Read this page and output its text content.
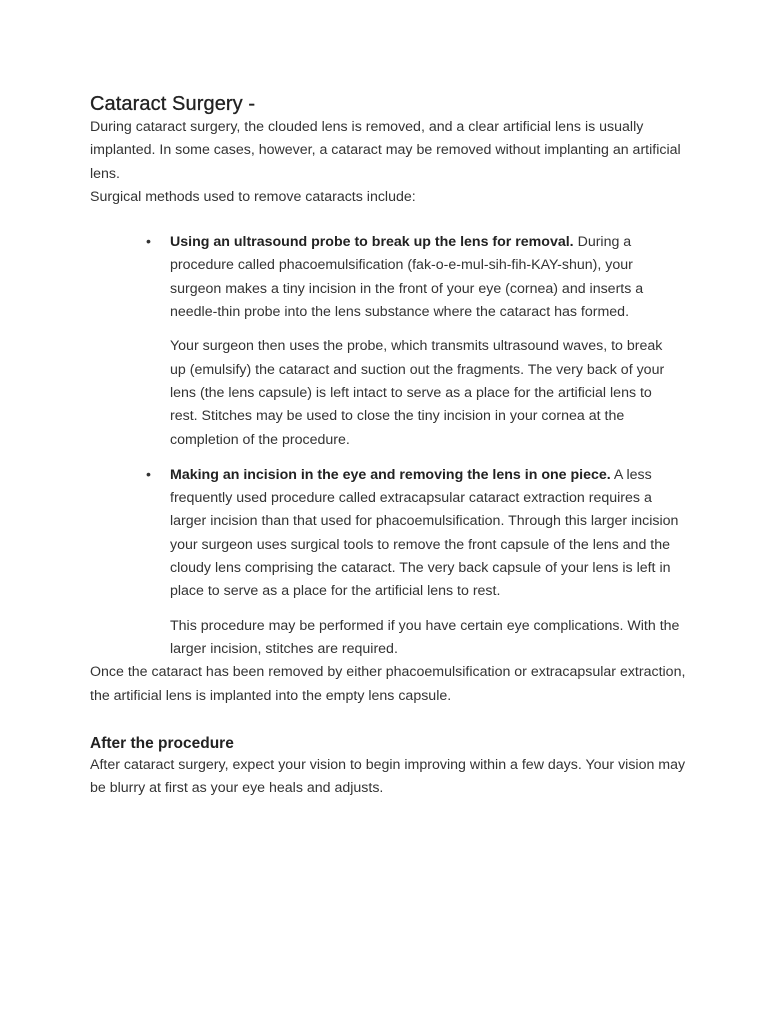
Cataract Surgery -

During cataract surgery, the clouded lens is removed, and a clear artificial lens is usually implanted. In some cases, however, a cataract may be removed without implanting an artificial lens.

Surgical methods used to remove cataracts include:

• Using an ultrasound probe to break up the lens for removal. During a procedure called phacoemulsification (fak-o-e-mul-sih-fih-KAY-shun), your surgeon makes a tiny incision in the front of your eye (cornea) and inserts a needle-thin probe into the lens substance where the cataract has formed.

Your surgeon then uses the probe, which transmits ultrasound waves, to break up (emulsify) the cataract and suction out the fragments. The very back of your lens (the lens capsule) is left intact to serve as a place for the artificial lens to rest. Stitches may be used to close the tiny incision in your cornea at the completion of the procedure.

• Making an incision in the eye and removing the lens in one piece. A less frequently used procedure called extracapsular cataract extraction requires a larger incision than that used for phacoemulsification. Through this larger incision your surgeon uses surgical tools to remove the front capsule of the lens and the cloudy lens comprising the cataract. The very back capsule of your lens is left in place to serve as a place for the artificial lens to rest.

This procedure may be performed if you have certain eye complications. With the larger incision, stitches are required.

Once the cataract has been removed by either phacoemulsification or extracapsular extraction, the artificial lens is implanted into the empty lens capsule.

After the procedure

After cataract surgery, expect your vision to begin improving within a few days. Your vision may be blurry at first as your eye heals and adjusts.
